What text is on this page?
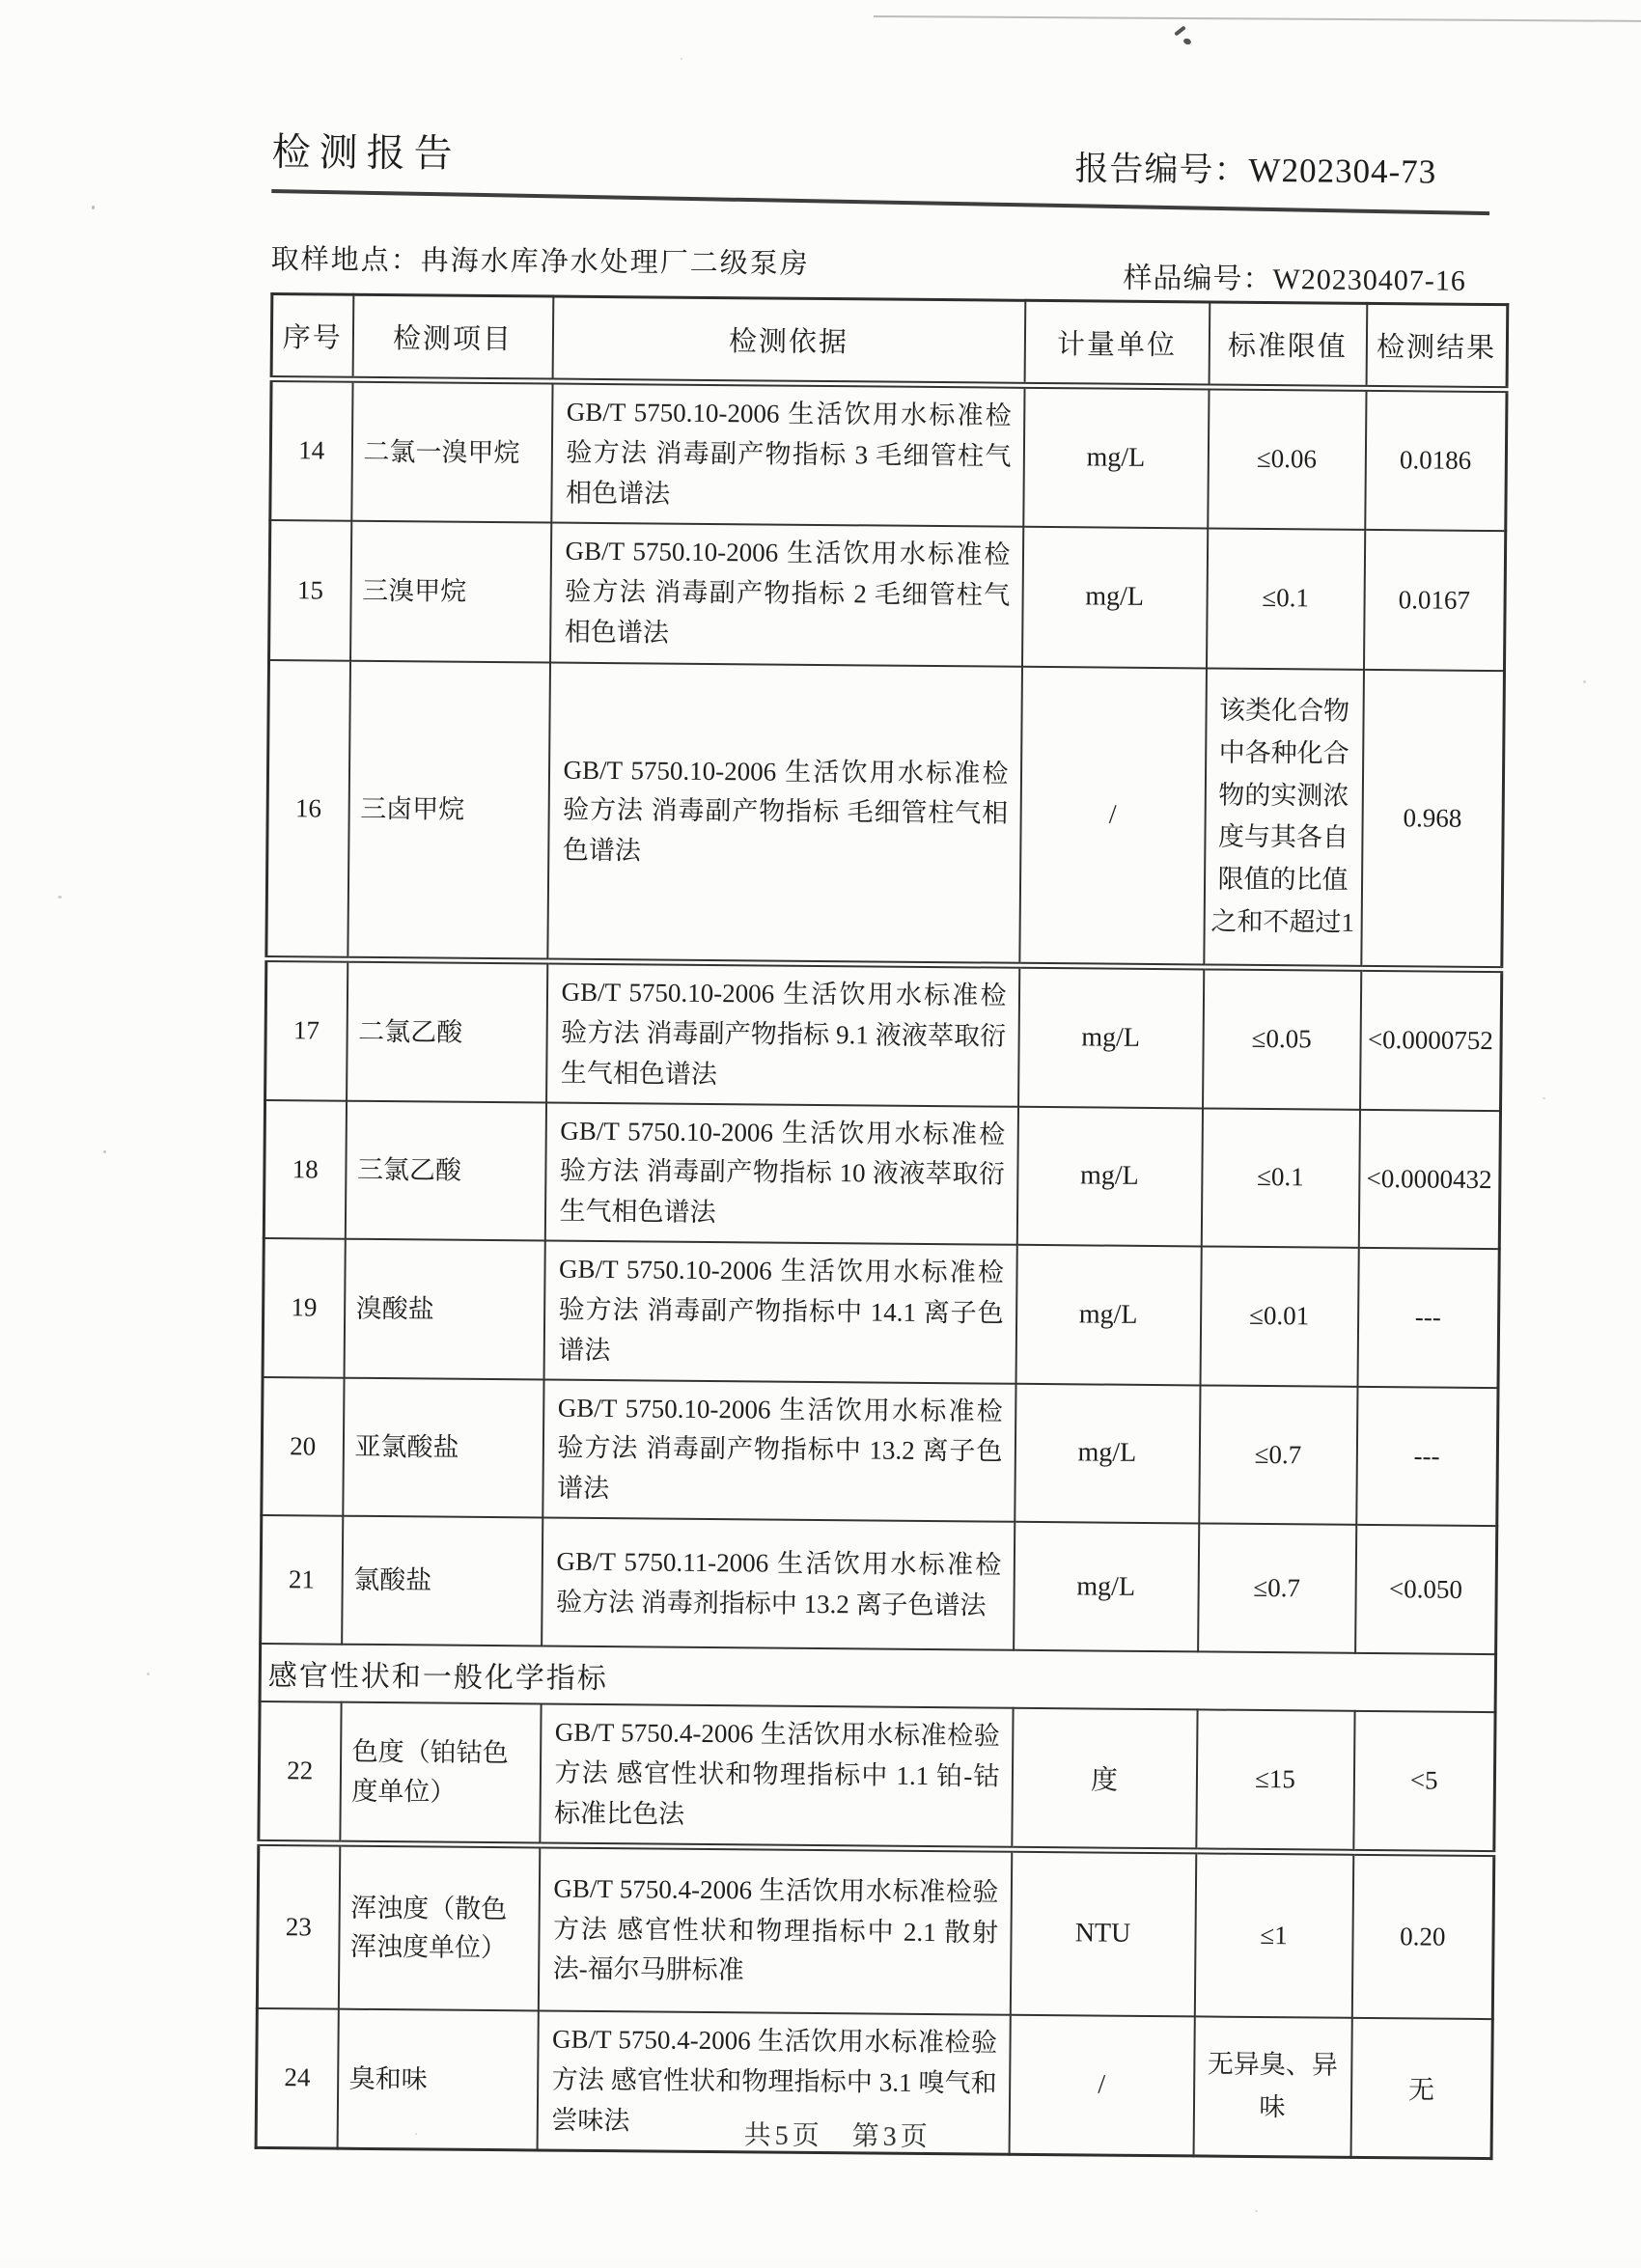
检测报告	报告编号：W202304-73
取样地点：冉海水库净水处理厂二级泵房	样品编号：W20230407-16
序号	检测项目	检测依据	计量单位	标准限值	检测结果
14	二氯一溴甲烷	GB/T 5750.10-2006 生活饮用水标准检验方法 消毒副产物指标 3 毛细管柱气相色谱法	mg/L	≤0.06	0.0186
15	三溴甲烷	GB/T 5750.10-2006 生活饮用水标准检验方法 消毒副产物指标 2 毛细管柱气相色谱法	mg/L	≤0.1	0.0167
16	三卤甲烷	GB/T 5750.10-2006 生活饮用水标准检验方法 消毒副产物指标 毛细管柱气相色谱法	/	该类化合物中各种化合物的实测浓度与其各自限值的比值之和不超过1	0.968
17	二氯乙酸	GB/T 5750.10-2006 生活饮用水标准检验方法 消毒副产物指标 9.1 液液萃取衍生气相色谱法	mg/L	≤0.05	<0.0000752
18	三氯乙酸	GB/T 5750.10-2006 生活饮用水标准检验方法 消毒副产物指标 10 液液萃取衍生气相色谱法	mg/L	≤0.1	<0.0000432
19	溴酸盐	GB/T 5750.10-2006 生活饮用水标准检验方法 消毒副产物指标中 14.1 离子色谱法	mg/L	≤0.01	---
20	亚氯酸盐	GB/T 5750.10-2006 生活饮用水标准检验方法 消毒副产物指标中 13.2 离子色谱法	mg/L	≤0.7	---
21	氯酸盐	GB/T 5750.11-2006 生活饮用水标准检验方法 消毒剂指标中 13.2 离子色谱法	mg/L	≤0.7	<0.050
感官性状和一般化学指标					
22	色度（铂钴色度单位）	GB/T 5750.4-2006 生活饮用水标准检验方法 感官性状和物理指标中 1.1 铂-钴标准比色法	度	≤15	<5
23	浑浊度（散色浑浊度单位）	GB/T 5750.4-2006 生活饮用水标准检验方法 感官性状和物理指标中 2.1 散射法-福尔马肼标准	NTU	≤1	0.20
24	臭和味	GB/T 5750.4-2006 生活饮用水标准检验方法 感官性状和物理指标中 3.1 嗅气和尝味法	/	无异臭、异味	无
共5页 第3页
